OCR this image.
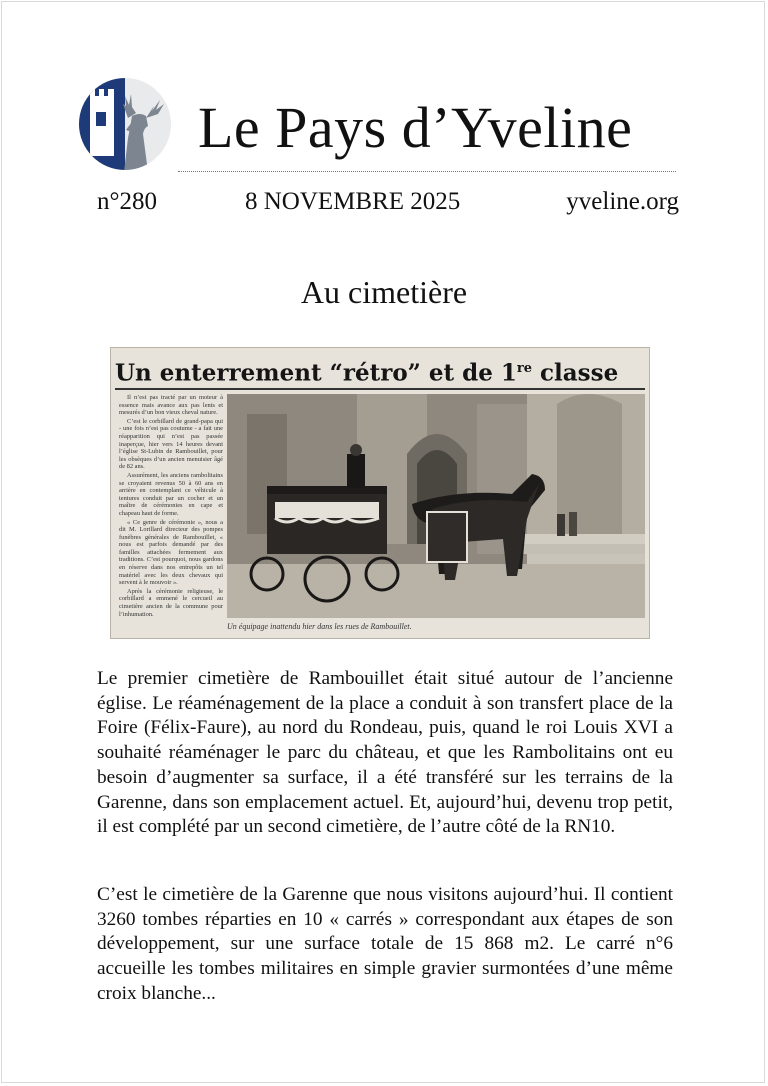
Le Pays d’Yveline
n°280	8 NOVEMBRE 2025	yveline.org
Au cimetière
Un enterrement “rétro” et de 1re classe

Il n’est pas tracté par un moteur à essence mais avance aux pas lents et mesurés d’un bon vieux cheval nature.

C’est le corbillard de grand-papa qui - une fois n’est pas coutume - a fait une réapparition qui n’est pas passée inaperçue, hier vers 14 heures devant l’église St-Lubin de Rambouillet, pour les obsèques d’un ancien menuisier âgé de 82 ans.

Assurément, les anciens rambolitains se croyaient revenus 50 à 60 ans en arrière en contemplant ce véhicule à tentures conduit par un cocher et un maître de cérémonies en cape et chapeau haut de forme.

« Ce genre de cérémonie », nous a dit M. Lorillard directeur des pompes funèbres générales de Rambouillet, « nous est parfois demandé par des familles attachées fermement aux traditions. C’est pourquoi, nous gardons en réserve dans nos entrepôts un tel matériel avec les deux chevaux qui servent à le mouvoir ».

Après la cérémonie religieuse, le corbillard a emmené le cercueil au cimetière ancien de la commune pour l’inhumation.

Un équipage inattendu hier dans les rues de Rambouillet.

Le premier cimetière de Rambouillet était situé autour de l’ancienne église. Le réaménagement de la place a conduit à son transfert place de la Foire (Félix-Faure), au nord du Rondeau, puis, quand le roi Louis XVI a souhaité réaménager le parc du château, et que les Rambolitains ont eu besoin d’augmenter sa surface, il a été transféré sur les terrains de la Garenne, dans son emplacement actuel. Et, aujourd’hui, devenu trop petit, il est complété par un second cimetière, de l’autre côté de la RN10.

C’est le cimetière de la Garenne que nous visitons aujourd’hui. Il contient 3260 tombes réparties en 10 « carrés » correspondant aux étapes de son développement, sur une surface totale de 15 868 m2. Le carré n°6 accueille les tombes militaires en simple gravier surmontées d’une même croix blanche...
